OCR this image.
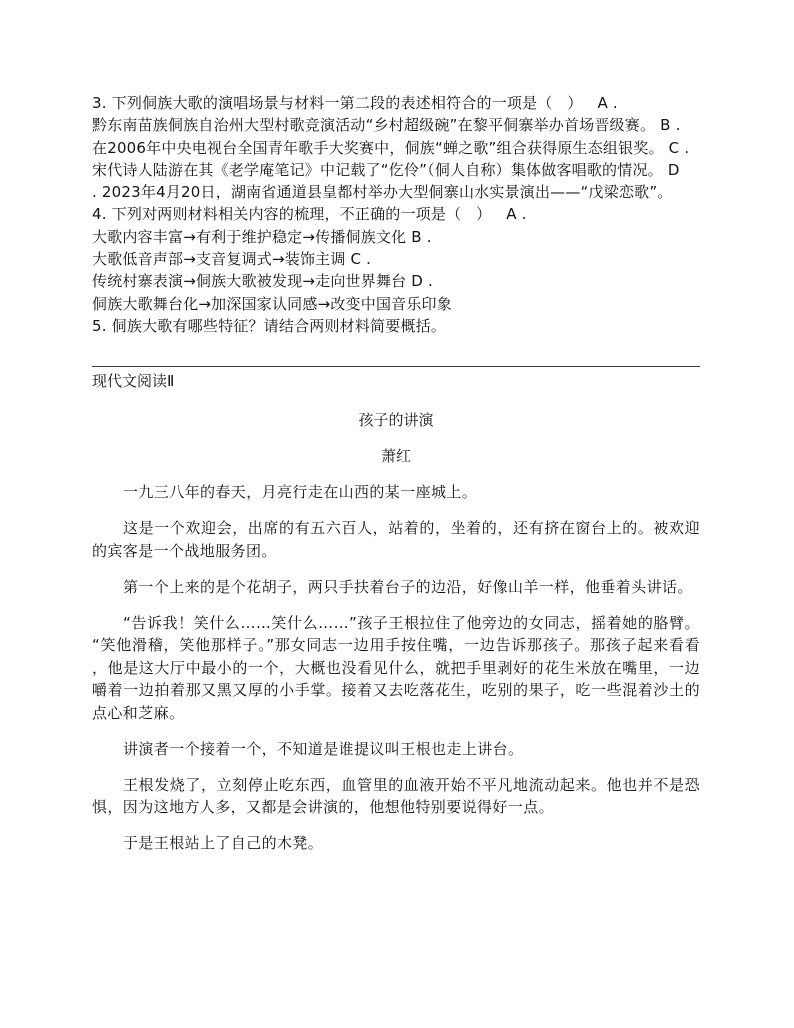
3. 下列侗族大歌的演唱场景与材料一第二段的表述相符合的一项是（   ）   A .
黔东南苗族侗族自治州大型村歌竞演活动“乡村超级碗”在黎平侗寨举办首场晋级赛。 B .
在2006年中央电视台全国青年歌手大奖赛中，侗族“蝉之歌”组合获得原生态组银奖。 C .
宋代诗人陆游在其《老学庵笔记》中记载了“仡伶”（侗人自称）集体做客唱歌的情况。 D
. 2023年4月20日，湖南省通道县皇都村举办大型侗寨山水实景演出——“戊梁恋歌”。
4. 下列对两则材料相关内容的梳理，不正确的一项是（   ）   A .
大歌内容丰富→有利于维护稳定→传播侗族文化 B .
大歌低音声部→支音复调式→装饰主调 C .
传统村寨表演→侗族大歌被发现→走向世界舞台 D .
侗族大歌舞台化→加深国家认同感→改变中国音乐印象
5. 侗族大歌有哪些特征？请结合两则材料简要概括。
现代文阅读Ⅱ
孩子的讲演
萧红
一九三八年的春天，月亮行走在山西的某一座城上。
这是一个欢迎会，出席的有五六百人，站着的，坐着的，还有挤在窗台上的。被欢迎
的宾客是一个战地服务团。
第一个上来的是个花胡子，两只手扶着台子的边沿，好像山羊一样，他垂着头讲话。
“告诉我！笑什么……笑什么……”孩子王根拉住了他旁边的女同志，摇着她的胳臂。
“笑他滑稽，笑他那样子。”那女同志一边用手按住嘴，一边告诉那孩子。那孩子起来看看
，他是这大厅中最小的一个，大概也没看见什么，就把手里剥好的花生米放在嘴里，一边
嚼着一边拍着那又黑又厚的小手掌。接着又去吃落花生，吃别的果子，吃一些混着沙土的
点心和芝麻。
讲演者一个接着一个，不知道是谁提议叫王根也走上讲台。
王根发烧了，立刻停止吃东西，血管里的血液开始不平凡地流动起来。他也并不是恐
惧，因为这地方人多，又都是会讲演的，他想他特别要说得好一点。
于是王根站上了自己的木凳。
